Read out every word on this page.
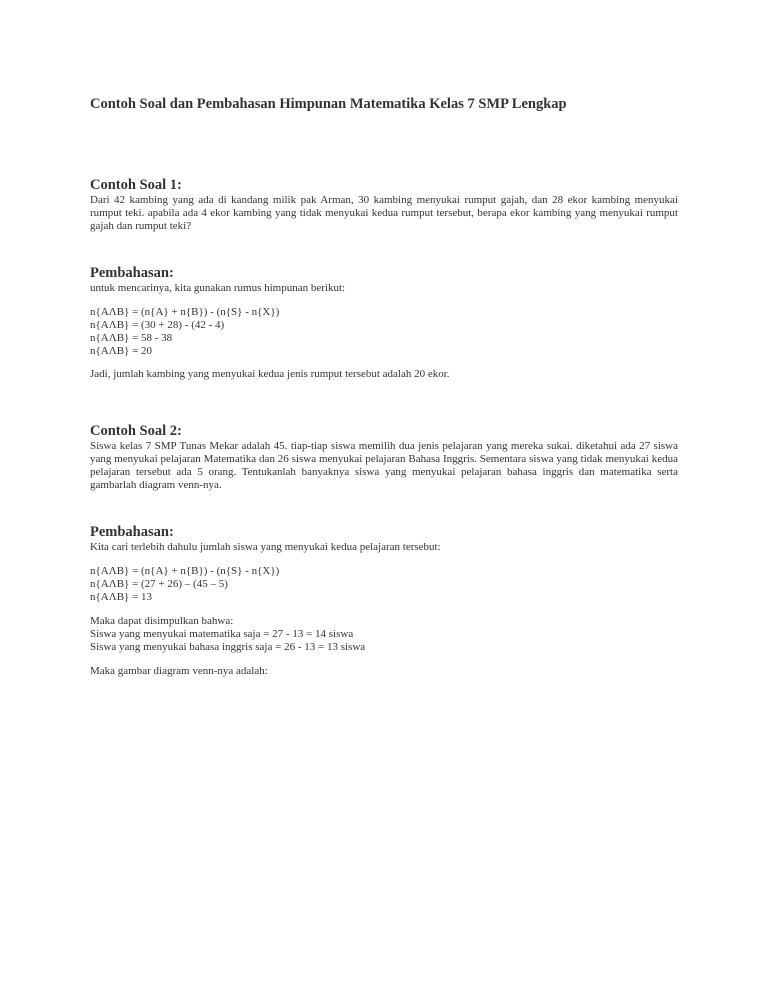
Contoh Soal dan Pembahasan Himpunan Matematika Kelas 7 SMP Lengkap
Contoh Soal 1:

Dari 42 kambing yang ada di kandang milik pak Arman, 30 kambing menyukai rumput gajah, dan 28 ekor kambing menyukai rumput teki. apabila ada 4 ekor kambing yang tidak menyukai kedua rumput tersebut, berapa ekor kambing yang menyukai rumput gajah dan rumput teki?

Pembahasan:

untuk mencarinya, kita gunakan rumus himpunan berikut:

n{AΛB} = (n{A} + n{B}) - (n{S} - n{X})

n{AΛB} = (30 + 28) - (42 - 4)

n{AΛB} = 58 - 38

n{AΛB} = 20

Jadi, jumlah kambing yang menyukai kedua jenis rumput tersebut adalah 20 ekor.

Contoh Soal 2:

Siswa kelas 7 SMP Tunas Mekar adalah 45. tiap-tiap siswa memilih dua jenis pelajaran yang mereka sukai. diketahui ada 27 siswa yang menyukai pelajaran Matematika dan 26 siswa menyukai pelajaran Bahasa Inggris. Sementara siswa yang tidak menyukai kedua pelajaran tersebut ada 5 orang. Tentukanlah banyaknya siswa yang menyukai pelajaran bahasa inggris dan matematika serta gambarlah diagram venn-nya.

Pembahasan:

Kita cari terlebih dahulu jumlah siswa yang menyukai kedua pelajaran tersebut:

n{AΛB} = (n{A} + n{B}) - (n{S} - n{X})

n{AΛB} = (27 + 26) – (45 – 5)

n{AΛB} = 13

Maka dapat disimpulkan bahwa:

Siswa yang menyukai matematika saja = 27 - 13 = 14 siswa

Siswa yang menyukai bahasa inggris saja = 26 - 13 = 13 siswa

Maka gambar diagram venn-nya adalah:
